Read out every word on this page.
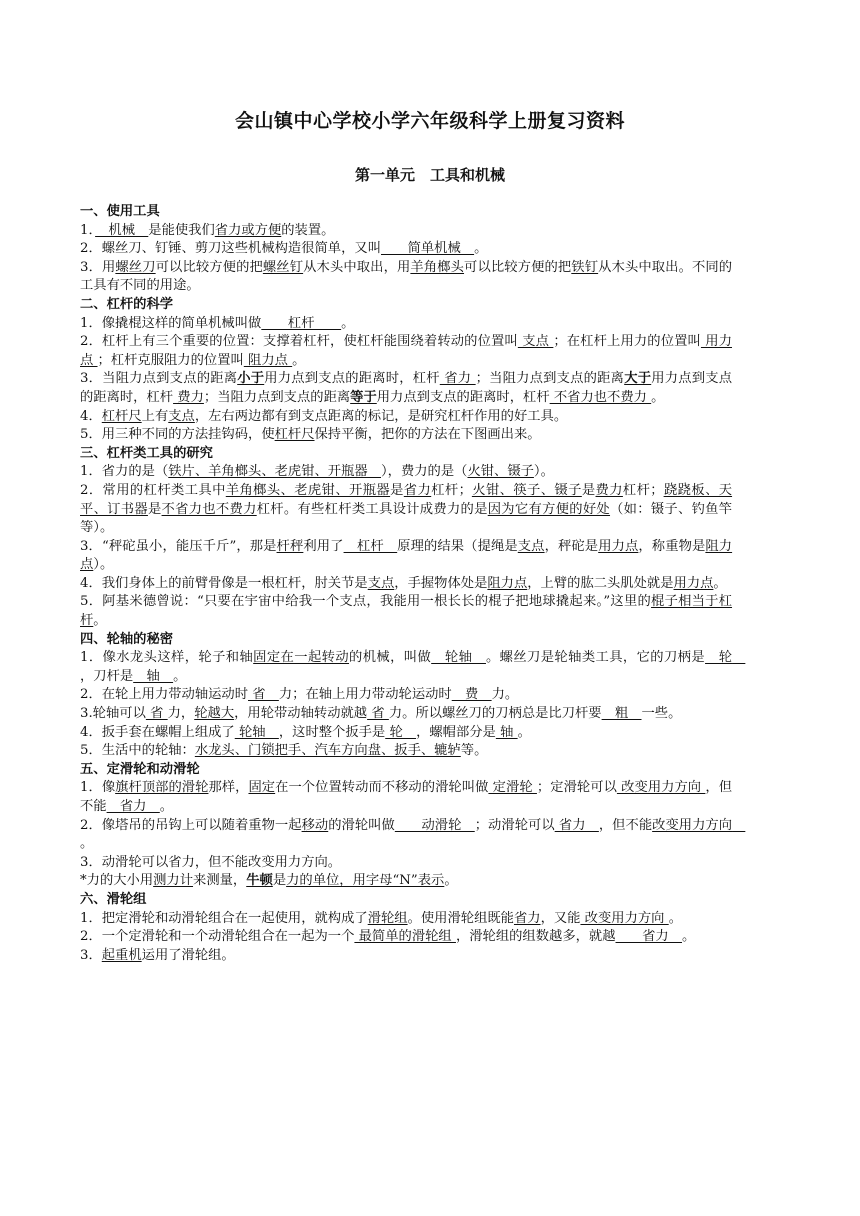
会山镇中心学校小学六年级科学上册复习资料
第一单元　工具和机械
一、使用工具

1．　机械　是能使我们省力或方便的装置。

2．螺丝刀、钉锤、剪刀这些机械构造很简单，又叫　　简单机械　。

3．用螺丝刀可以比较方便的把螺丝钉从木头中取出，用羊角榔头可以比较方便的把铁钉从木头中取出。不同的工具有不同的用途。

二、杠杆的科学

1．像撬棍这样的简单机械叫做　　杠杆　　。

2．杠杆上有三个重要的位置：支撑着杠杆，使杠杆能围绕着转动的位置叫 支点 ；在杠杆上用力的位置叫 用力点 ；杠杆克服阻力的位置叫 阻力点 。

3．当阻力点到支点的距离小于用力点到支点的距离时，杠杆 省力 ；当阻力点到支点的距离大于用力点到支点的距离时，杠杆 费力；当阻力点到支点的距离等于用力点到支点的距离时，杠杆 不省力也不费力 。

4．杠杆尺上有支点，左右两边都有到支点距离的标记，是研究杠杆作用的好工具。

5．用三种不同的方法挂钩码，使杠杆尺保持平衡，把你的方法在下图画出来。

三、杠杆类工具的研究

1．省力的是（铁片、羊角榔头、老虎钳、开瓶器　），费力的是（火钳、镊子）。

2．常用的杠杆类工具中羊角榔头、老虎钳、开瓶器是省力杠杆；火钳、筷子、镊子是费力杠杆；跷跷板、天平、订书器是不省力也不费力杠杆。有些杠杆类工具设计成费力的是因为它有方便的好处（如：镊子、钓鱼竿等）。

3．“秤砣虽小，能压千斤”，那是杆秤利用了　杠杆　原理的结果（提绳是支点，秤砣是用力点，称重物是阻力点）。

4．我们身体上的前臂骨像是一根杠杆，肘关节是支点，手握物体处是阻力点，上臂的肱二头肌处就是用力点。

5．阿基米德曾说：“只要在宇宙中给我一个支点，我能用一根长长的棍子把地球撬起来。”这里的棍子相当于杠杆。

四、轮轴的秘密

1．像水龙头这样，轮子和轴固定在一起转动的机械，叫做　轮轴　。螺丝刀是轮轴类工具，它的刀柄是　轮　，刀杆是　轴　。

2．在轮上用力带动轴运动时 省　力；在轴上用力带动轮运动时　费　力。

3.轮轴可以 省 力，轮越大，用轮带动轴转动就越 省 力。所以螺丝刀的刀柄总是比刀杆要　粗　一些。

4．扳手套在螺帽上组成了 轮轴　，这时整个扳手是 轮　，螺帽部分是 轴 。

5．生活中的轮轴：水龙头、门锁把手、汽车方向盘、扳手、辘轳等。

五、定滑轮和动滑轮

1．像旗杆顶部的滑轮那样，固定在一个位置转动而不移动的滑轮叫做 定滑轮 ；定滑轮可以 改变用力方向 ，但不能　省力　。

2．像塔吊的吊钩上可以随着重物一起移动的滑轮叫做　　动滑轮　；动滑轮可以 省力　，但不能改变用力方向　。

3．动滑轮可以省力，但不能改变用力方向。

*力的大小用测力计来测量，牛顿是力的单位，用字母“N”表示。

六、滑轮组

1．把定滑轮和动滑轮组合在一起使用，就构成了滑轮组。使用滑轮组既能省力，又能 改变用力方向 。

2．一个定滑轮和一个动滑轮组合在一起为一个 最简单的滑轮组 ，滑轮组的组数越多，就越　　省力　。

3．起重机运用了滑轮组。
